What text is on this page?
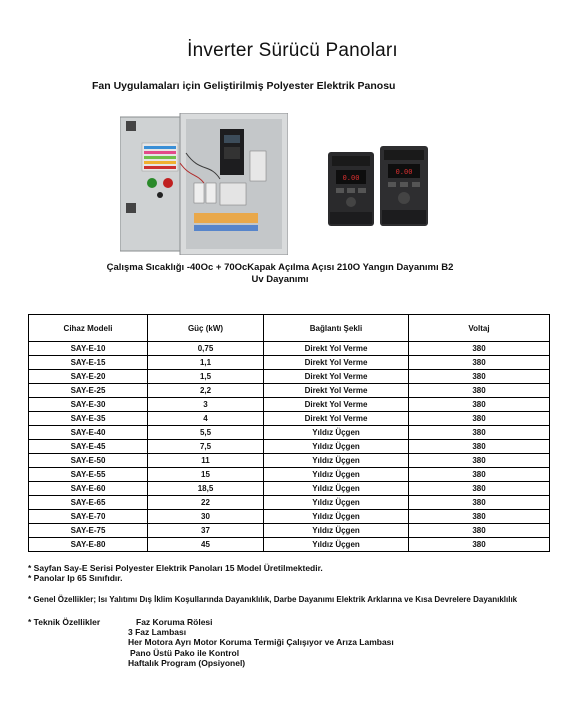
İnverter Sürücü Panoları
Fan Uygulamaları için Geliştirilmiş Polyester Elektrik Panosu
0.00
0.00
Çalışma Sıcaklığı -40Oc + 70OcKapak Açılma Açısı 210O Yangın Dayanımı B2
Uv Dayanımı
Cihaz Modeli	Güç (kW)	Bağlantı Şekli	Voltaj
SAY-E-10	0,75	Direkt Yol Verme	380
SAY-E-15	1,1	Direkt Yol Verme	380
SAY-E-20	1,5	Direkt Yol Verme	380
SAY-E-25	2,2	Direkt Yol Verme	380
SAY-E-30	3	Direkt Yol Verme	380
SAY-E-35	4	Direkt Yol Verme	380
SAY-E-40	5,5	Yıldız Üçgen	380
SAY-E-45	7,5	Yıldız Üçgen	380
SAY-E-50	11	Yıldız Üçgen	380
SAY-E-55	15	Yıldız Üçgen	380
SAY-E-60	18,5	Yıldız Üçgen	380
SAY-E-65	22	Yıldız Üçgen	380
SAY-E-70	30	Yıldız Üçgen	380
SAY-E-75	37	Yıldız Üçgen	380
SAY-E-80	45	Yıldız Üçgen	380
* Sayfan Say-E Serisi Polyester Elektrik Panoları 15 Model Üretilmektedir.
* Panolar Ip 65 Sınıfıdır.
* Genel Özellikler; Isı Yalıtımı Dış İklim Koşullarında Dayanıklılık, Darbe Dayanımı Elektrik Arklarına ve Kısa Devrelere Dayanıklılık
* Teknik Özellikler	Faz Koruma Rölesi
3 Faz Lambası
Her Motora Ayrı Motor Koruma Termiği Çalışıyor ve Arıza Lambası
Pano Üstü Pako ile Kontrol
Haftalık Program (Opsiyonel)
